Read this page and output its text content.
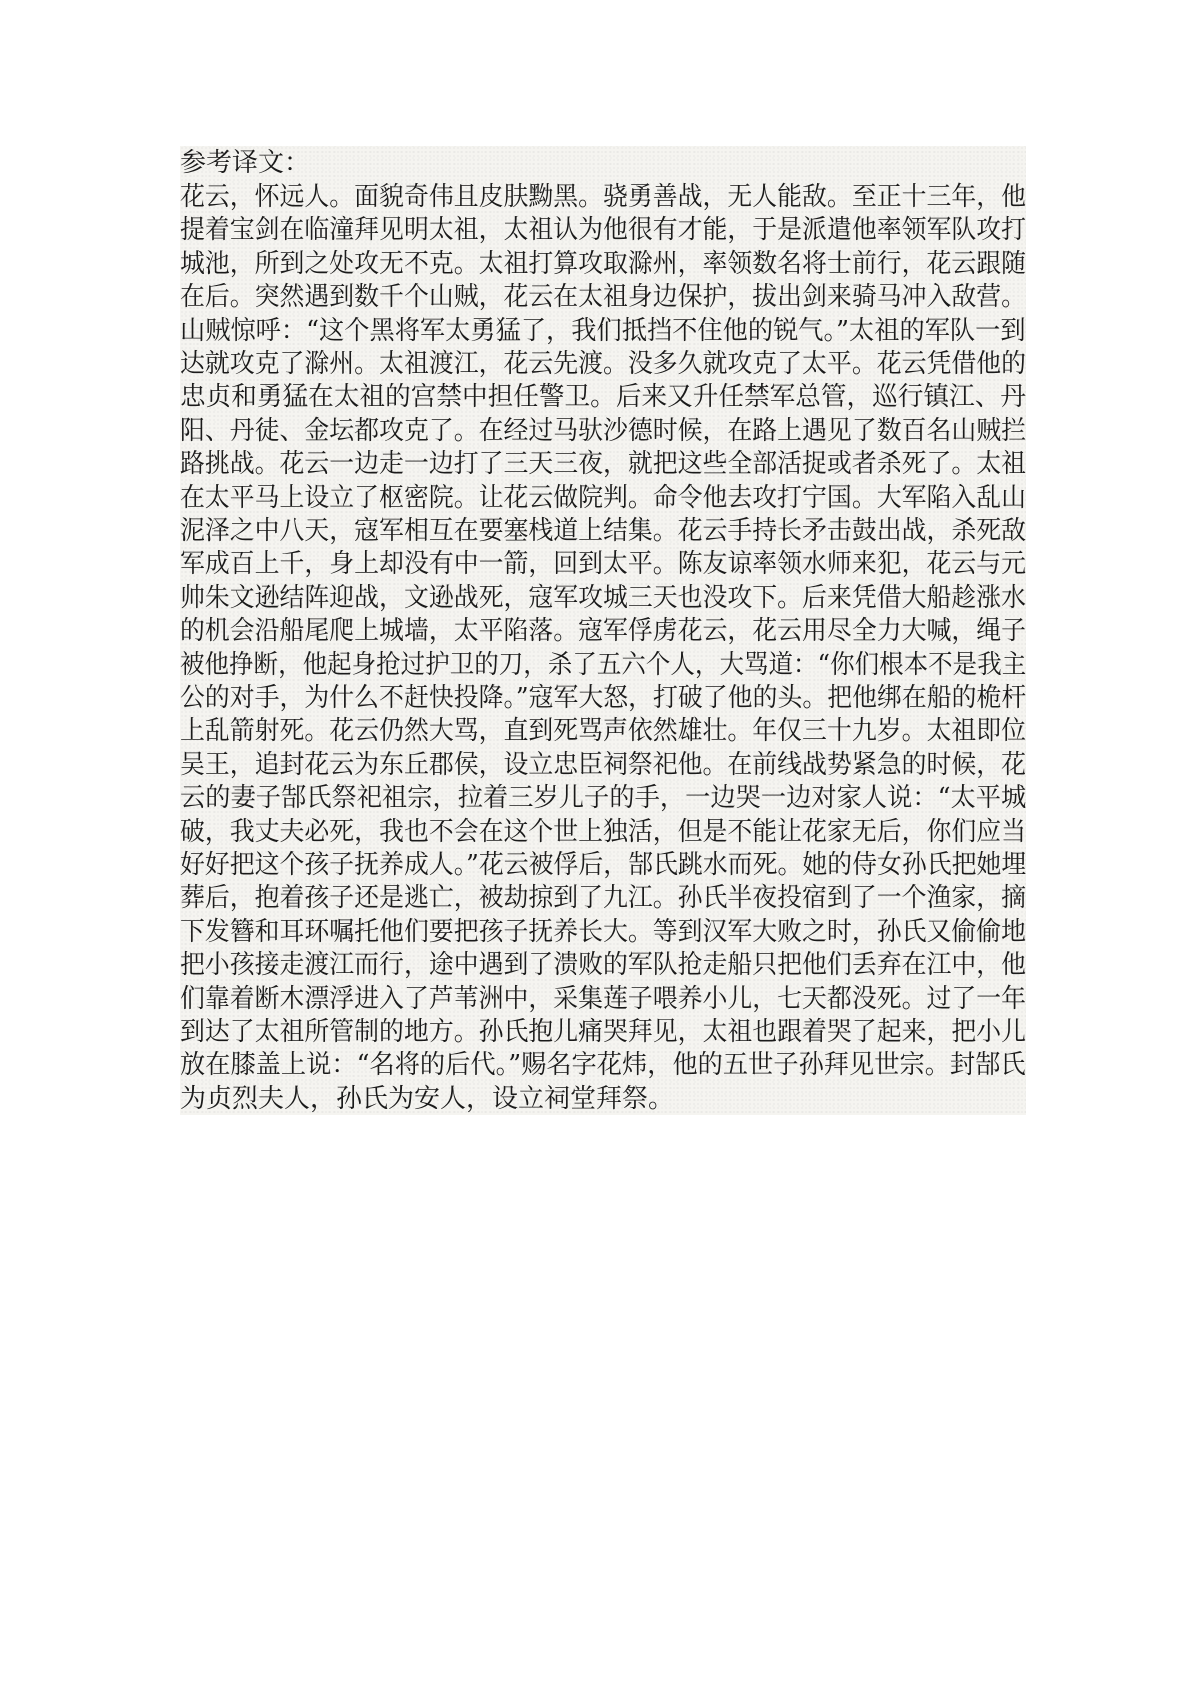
参考译文：
花云，怀远人。面貌奇伟且皮肤黝黑。骁勇善战，无人能敌。至正十三年，他
提着宝剑在临潼拜见明太祖，太祖认为他很有才能，于是派遣他率领军队攻打
城池，所到之处攻无不克。太祖打算攻取滁州，率领数名将士前行，花云跟随
在后。突然遇到数千个山贼，花云在太祖身边保护，拔出剑来骑马冲入敌营。
山贼惊呼：“这个黑将军太勇猛了，我们抵挡不住他的锐气。”太祖的军队一到
达就攻克了滁州。太祖渡江，花云先渡。没多久就攻克了太平。花云凭借他的
忠贞和勇猛在太祖的宫禁中担任警卫。后来又升任禁军总管，巡行镇江、丹
阳、丹徒、金坛都攻克了。在经过马驮沙德时候，在路上遇见了数百名山贼拦
路挑战。花云一边走一边打了三天三夜，就把这些全部活捉或者杀死了。太祖
在太平马上设立了枢密院。让花云做院判。命令他去攻打宁国。大军陷入乱山
泥泽之中八天，寇军相互在要塞栈道上结集。花云手持长矛击鼓出战，杀死敌
军成百上千，身上却没有中一箭，回到太平。陈友谅率领水师来犯，花云与元
帅朱文逊结阵迎战，文逊战死，寇军攻城三天也没攻下。后来凭借大船趁涨水
的机会沿船尾爬上城墙，太平陷落。寇军俘虏花云，花云用尽全力大喊，绳子
被他挣断，他起身抢过护卫的刀，杀了五六个人，大骂道：“你们根本不是我主
公的对手，为什么不赶快投降。”寇军大怒，打破了他的头。把他绑在船的桅杆
上乱箭射死。花云仍然大骂，直到死骂声依然雄壮。年仅三十九岁。太祖即位
吴王，追封花云为东丘郡侯，设立忠臣祠祭祀他。在前线战势紧急的时候，花
云的妻子郜氏祭祀祖宗，拉着三岁儿子的手，一边哭一边对家人说：“太平城
破，我丈夫必死，我也不会在这个世上独活，但是不能让花家无后，你们应当
好好把这个孩子抚养成人。”花云被俘后，郜氏跳水而死。她的侍女孙氏把她埋
葬后，抱着孩子还是逃亡，被劫掠到了九江。孙氏半夜投宿到了一个渔家，摘
下发簪和耳环嘱托他们要把孩子抚养长大。等到汉军大败之时，孙氏又偷偷地
把小孩接走渡江而行，途中遇到了溃败的军队抢走船只把他们丢弃在江中，他
们靠着断木漂浮进入了芦苇洲中，采集莲子喂养小儿，七天都没死。过了一年
到达了太祖所管制的地方。孙氏抱儿痛哭拜见，太祖也跟着哭了起来，把小儿
放在膝盖上说：“名将的后代。”赐名字花炜，他的五世子孙拜见世宗。封郜氏
为贞烈夫人，孙氏为安人，设立祠堂拜祭。
